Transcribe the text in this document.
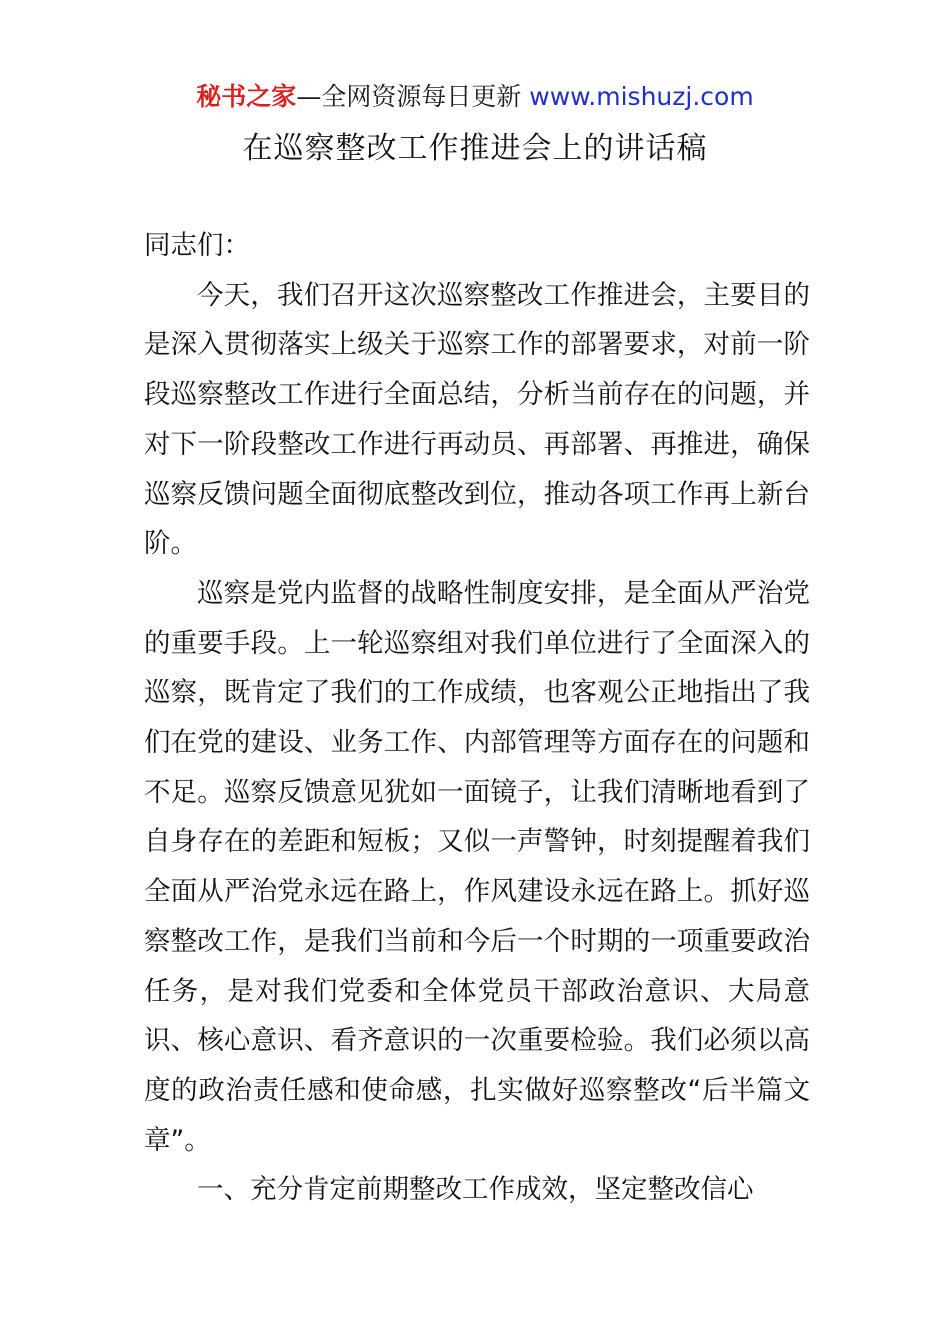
秘书之家—全网资源每日更新 www.mishuzj.com
在巡察整改工作推进会上的讲话稿

同志们：

今天，我们召开这次巡察整改工作推进会，主要目的是深入贯彻落实上级关于巡察工作的部署要求，对前一阶段巡察整改工作进行全面总结，分析当前存在的问题，并对下一阶段整改工作进行再动员、再部署、再推进，确保巡察反馈问题全面彻底整改到位，推动各项工作再上新台阶。

巡察是党内监督的战略性制度安排，是全面从严治党的重要手段。上一轮巡察组对我们单位进行了全面深入的巡察，既肯定了我们的工作成绩，也客观公正地指出了我们在党的建设、业务工作、内部管理等方面存在的问题和不足。巡察反馈意见犹如一面镜子，让我们清晰地看到了自身存在的差距和短板；又似一声警钟，时刻提醒着我们全面从严治党永远在路上，作风建设永远在路上。抓好巡察整改工作，是我们当前和今后一个时期的一项重要政治任务，是对我们党委和全体党员干部政治意识、大局意识、核心意识、看齐意识的一次重要检验。我们必须以高度的政治责任感和使命感，扎实做好巡察整改“后半篇文章”。

一、充分肯定前期整改工作成效，坚定整改信心
